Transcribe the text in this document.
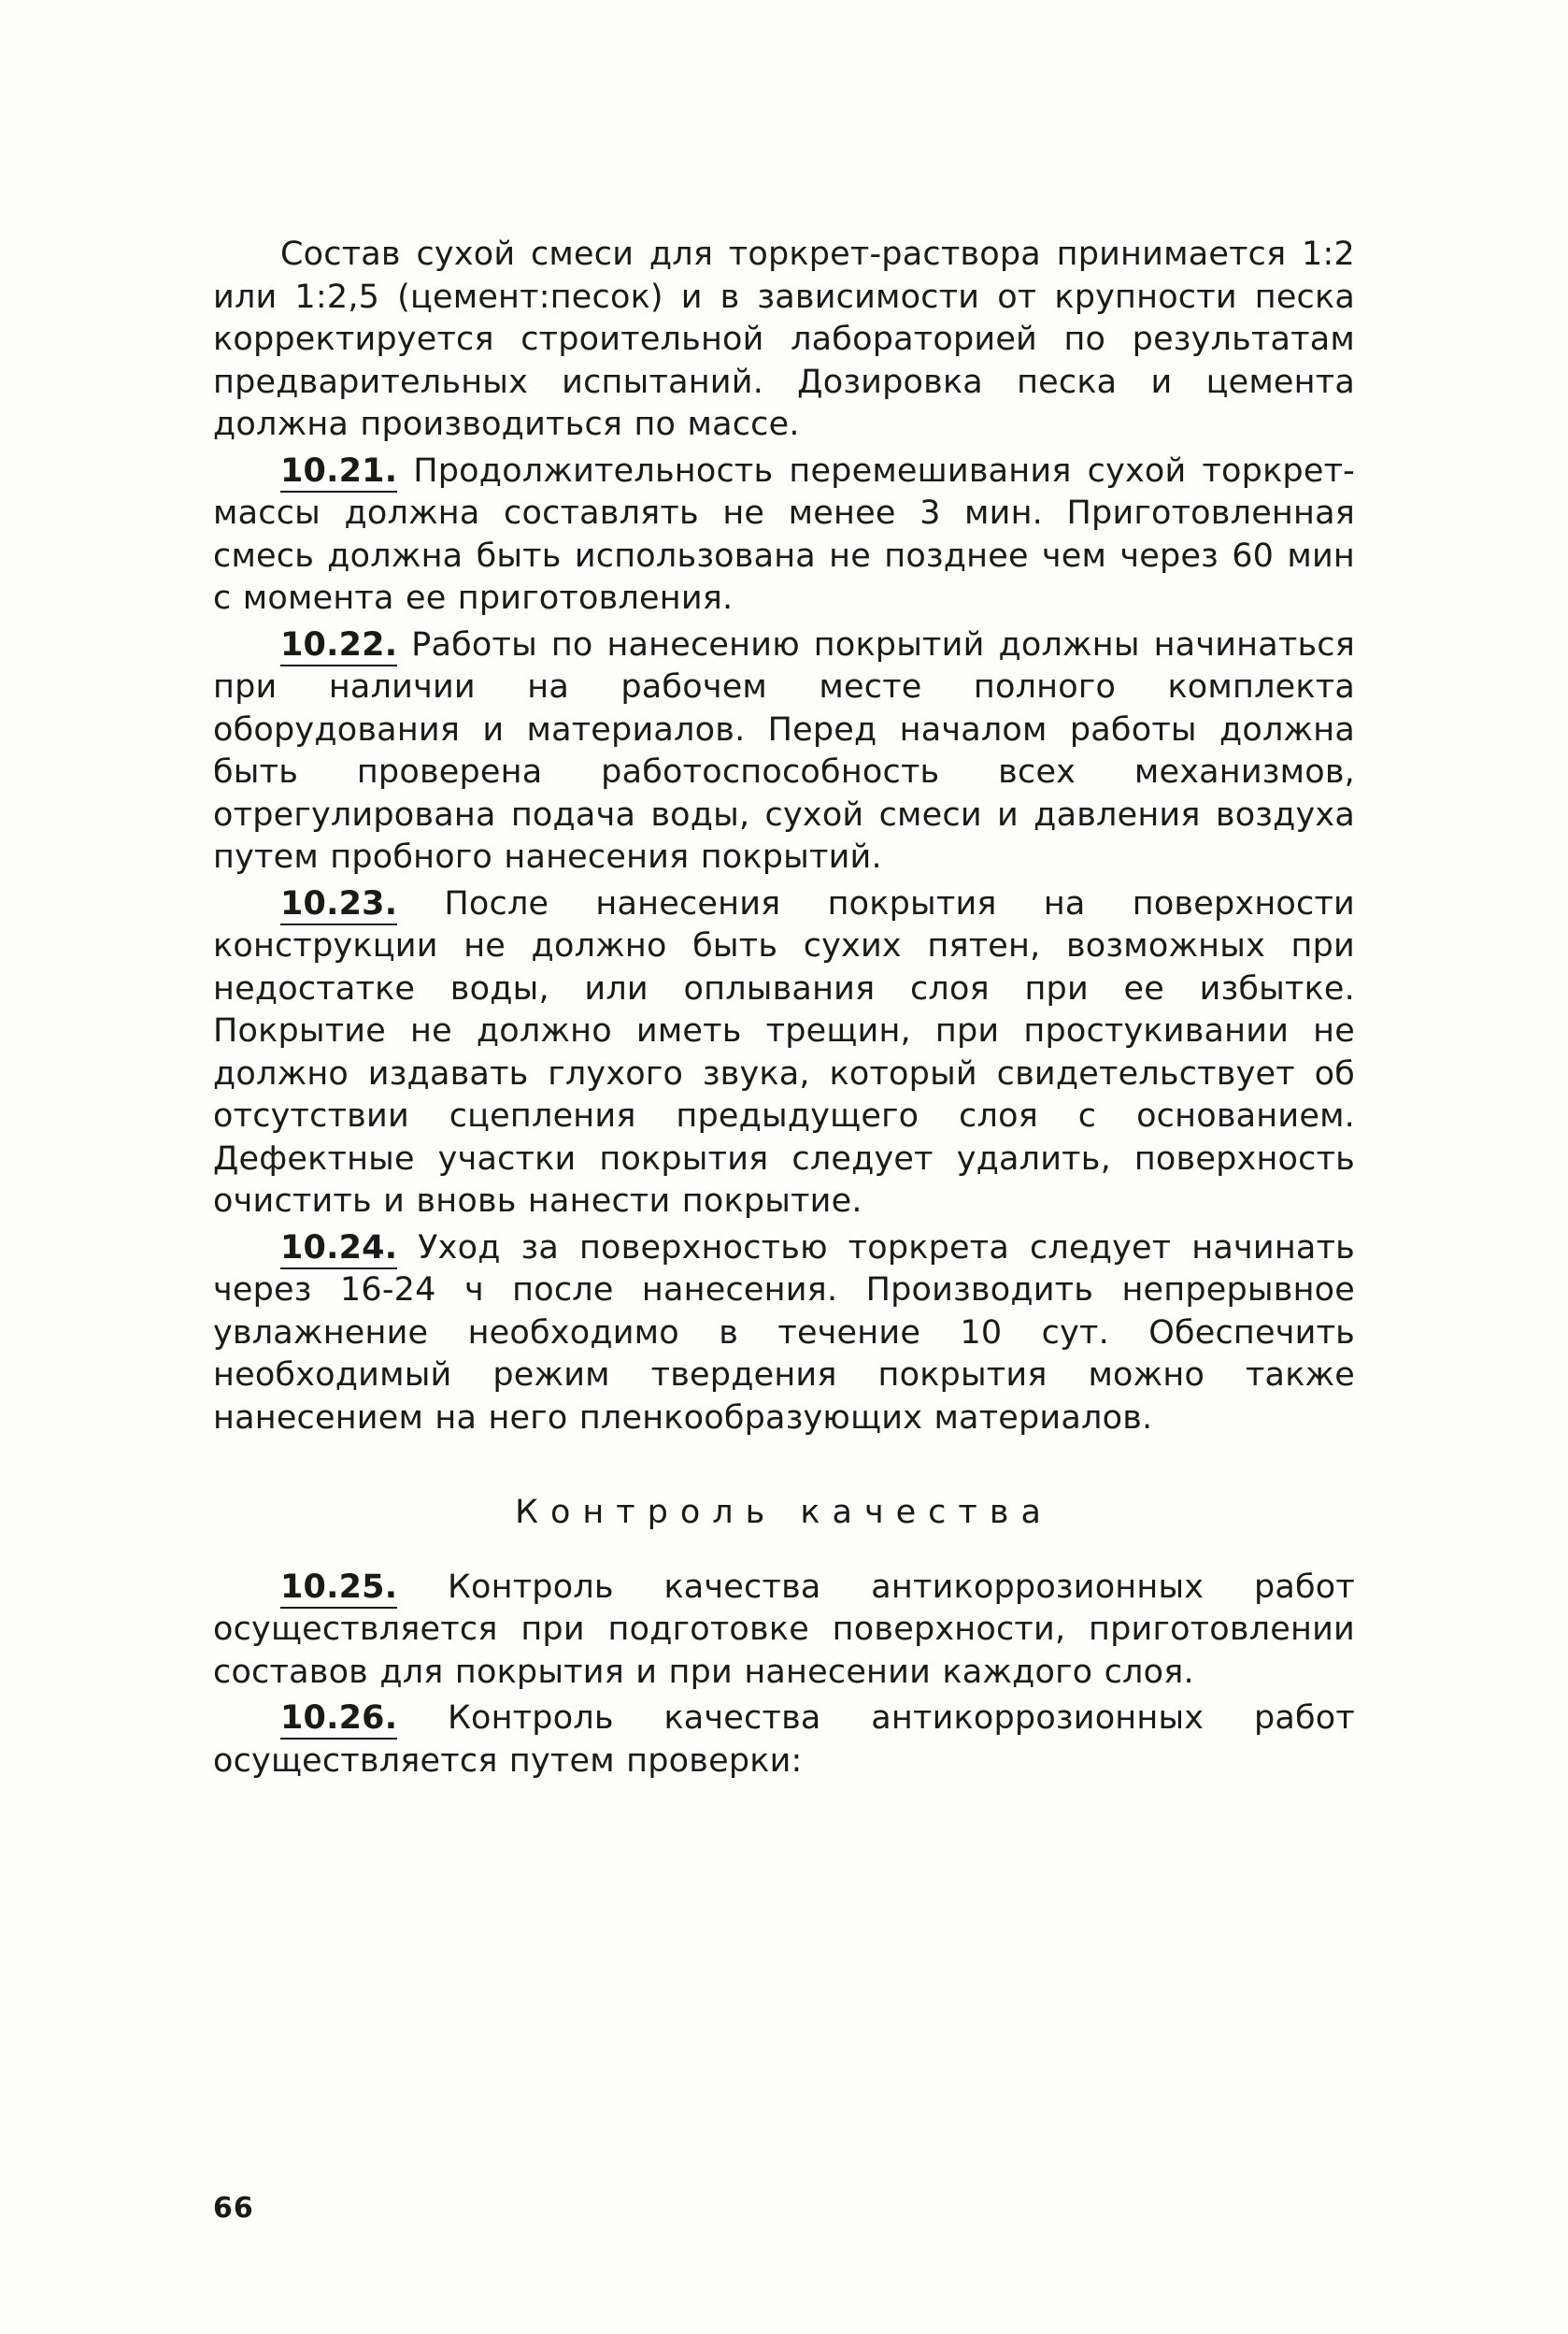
Состав сухой смеси для торкрет-раствора принимается 1:2 или 1:2,5 (цемент:песок) и в зависимости от крупности песка корректируется строительной лабораторией по результатам предварительных испытаний. Дозировка песка и цемента должна производиться по массе.

10.21. Продолжительность перемешивания сухой торкрет-массы должна составлять не менее 3 мин. Приготовленная смесь должна быть использована не позднее чем через 60 мин с момента ее приготовления.

10.22. Работы по нанесению покрытий должны начинаться при наличии на рабочем месте полного комплекта оборудования и материалов. Перед началом работы должна быть проверена работоспособность всех механизмов, отрегулирована подача воды, сухой смеси и давления воздуха путем пробного нанесения покрытий.

10.23. После нанесения покрытия на поверхности конструкции не должно быть сухих пятен, возможных при недостатке воды, или оплывания слоя при ее избытке. Покрытие не должно иметь трещин, при простукивании не должно издавать глухого звука, который свидетельствует об отсутствии сцепления предыдущего слоя с основанием. Дефектные участки покрытия следует удалить, поверхность очистить и вновь нанести покрытие.

10.24. Уход за поверхностью торкрета следует начинать через 16-24 ч после нанесения. Производить непрерывное увлажнение необходимо в течение 10 сут. Обеспечить необходимый режим твердения покрытия можно также нанесением на него пленкообразующих материалов.

Контроль качества

10.25. Контроль качества антикоррозионных работ осуществляется при подготовке поверхности, приготовлении составов для покрытия и при нанесении каждого слоя.

10.26. Контроль качества антикоррозионных работ осуществляется путем проверки:

66
